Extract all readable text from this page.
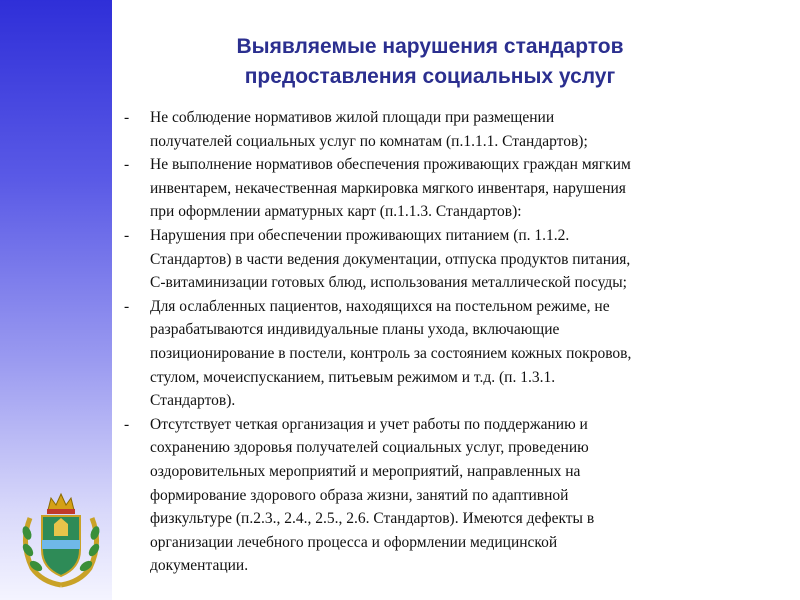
Выявляемые нарушения стандартов
предоставления социальных услуг
- Не соблюдение нормативов жилой площади при размещении
получателей социальных услуг по комнатам (п.1.1.1. Стандартов);
- Не выполнение нормативов обеспечения проживающих граждан мягким
инвентарем, некачественная маркировка мягкого инвентаря, нарушения
при оформлении арматурных карт (п.1.1.3. Стандартов):
- Нарушения при обеспечении проживающих питанием (п. 1.1.2.
Стандартов) в части ведения документации, отпуска продуктов питания,
С-витаминизации готовых блюд, использования металлической посуды;
- Для ослабленных пациентов, находящихся на постельном режиме, не
разрабатываются индивидуальные планы ухода, включающие
позиционирование в постели, контроль за состоянием кожных покровов,
стулом, мочеиспусканием, питьевым режимом и т.д. (п. 1.3.1.
Стандартов).
- Отсутствует четкая организация и учет работы по поддержанию и
сохранению здоровья получателей социальных услуг, проведению
оздоровительных мероприятий и мероприятий, направленных на
формирование здорового образа жизни, занятий по адаптивной
физкультуре (п.2.3., 2.4., 2.5., 2.6. Стандартов). Имеются дефекты в
организации лечебного процесса и оформлении медицинской
документации.
